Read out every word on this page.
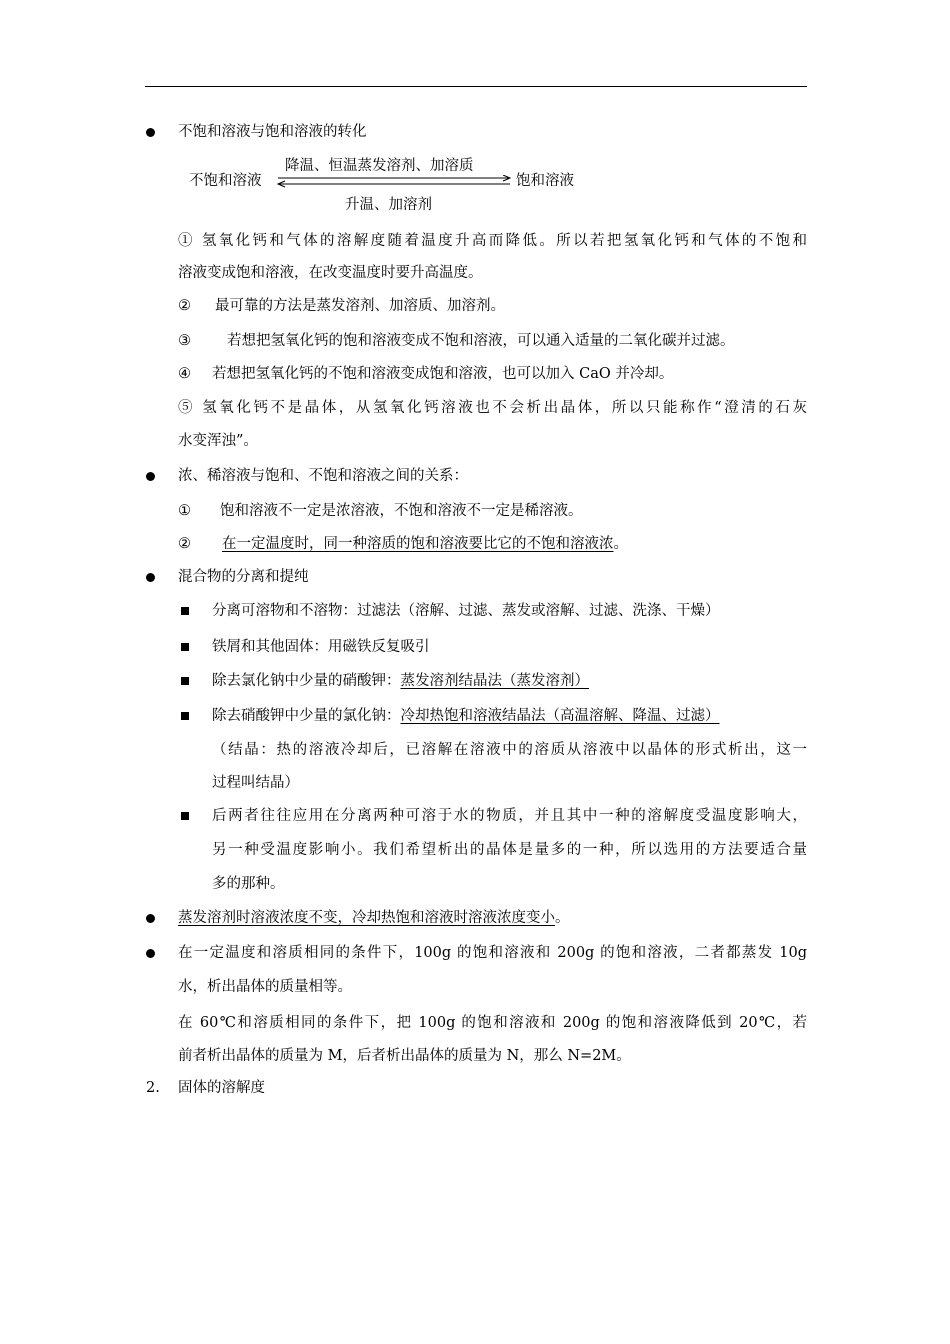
不饱和溶液与饱和溶液的转化
不饱和溶液
降温、恒温蒸发溶剂、加溶质
饱和溶液
升温、加溶剂
① 氢氧化钙和气体的溶解度随着温度升高而降低。所以若把氢氧化钙和气体的不饱和
溶液变成饱和溶液，在改变温度时要升高温度。
② 最可靠的方法是蒸发溶剂、加溶质、加溶剂。
③ 若想把氢氧化钙的饱和溶液变成不饱和溶液，可以通入适量的二氧化碳并过滤。
④ 若想把氢氧化钙的不饱和溶液变成饱和溶液，也可以加入 CaO 并冷却。
⑤ 氢氧化钙不是晶体，从氢氧化钙溶液也不会析出晶体，所以只能称作“澄清的石灰
水变浑浊”。
浓、稀溶液与饱和、不饱和溶液之间的关系：
① 饱和溶液不一定是浓溶液，不饱和溶液不一定是稀溶液。
② 在一定温度时，同一种溶质的饱和溶液要比它的不饱和溶液浓。
混合物的分离和提纯
分离可溶物和不溶物：过滤法（溶解、过滤、蒸发或溶解、过滤、洗涤、干燥）
铁屑和其他固体：用磁铁反复吸引
除去氯化钠中少量的硝酸钾：蒸发溶剂结晶法（蒸发溶剂）
除去硝酸钾中少量的氯化钠：冷却热饱和溶液结晶法（高温溶解、降温、过滤）
（结晶：热的溶液冷却后，已溶解在溶液中的溶质从溶液中以晶体的形式析出，这一
过程叫结晶）
后两者往往应用在分离两种可溶于水的物质，并且其中一种的溶解度受温度影响大，
另一种受温度影响小。我们希望析出的晶体是量多的一种，所以选用的方法要适合量
多的那种。
蒸发溶剂时溶液浓度不变，冷却热饱和溶液时溶液浓度变小。
在一定温度和溶质相同的条件下，100g 的饱和溶液和 200g 的饱和溶液，二者都蒸发 10g
水，析出晶体的质量相等。
在 60℃和溶质相同的条件下，把 100g 的饱和溶液和 200g 的饱和溶液降低到 20℃，若
前者析出晶体的质量为 M，后者析出晶体的质量为 N，那么 N=2M。
2. 固体的溶解度
